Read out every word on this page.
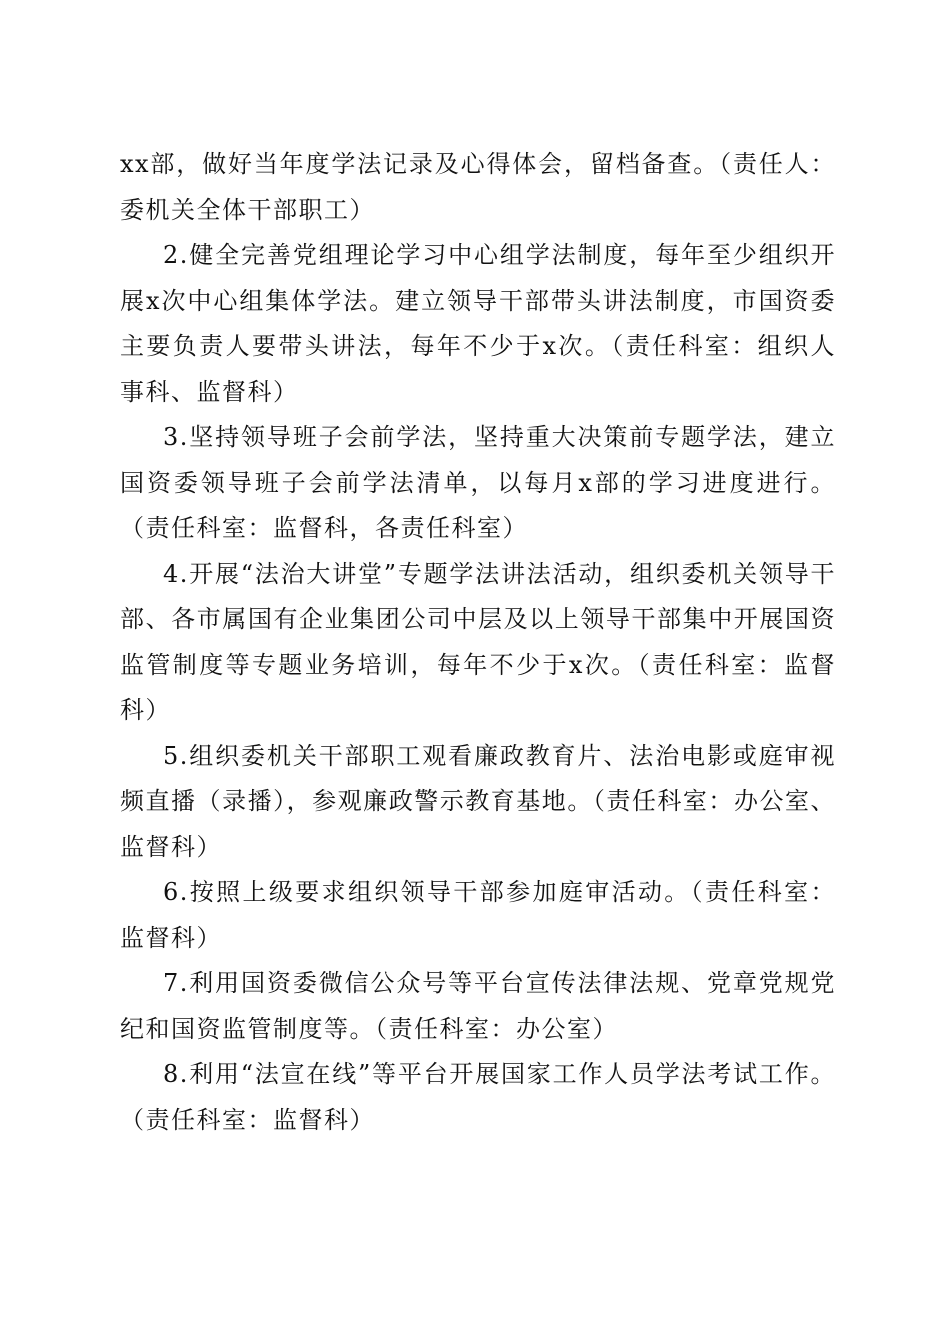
xx部，做好当年度学法记录及心得体会，留档备查。（责任人：委机关全体干部职工）

2.健全完善党组理论学习中心组学法制度，每年至少组织开展x次中心组集体学法。建立领导干部带头讲法制度，市国资委主要负责人要带头讲法，每年不少于x次。（责任科室：组织人事科、监督科）

3.坚持领导班子会前学法，坚持重大决策前专题学法，建立国资委领导班子会前学法清单，以每月x部的学习进度进行。（责任科室：监督科，各责任科室）

4.开展“法治大讲堂”专题学法讲法活动，组织委机关领导干部、各市属国有企业集团公司中层及以上领导干部集中开展国资监管制度等专题业务培训，每年不少于x次。（责任科室：监督科）

5.组织委机关干部职工观看廉政教育片、法治电影或庭审视频直播（录播），参观廉政警示教育基地。（责任科室：办公室、监督科）

6.按照上级要求组织领导干部参加庭审活动。（责任科室：监督科）

7.利用国资委微信公众号等平台宣传法律法规、党章党规党纪和国资监管制度等。（责任科室：办公室）

8.利用“法宣在线”等平台开展国家工作人员学法考试工作。（责任科室：监督科）
